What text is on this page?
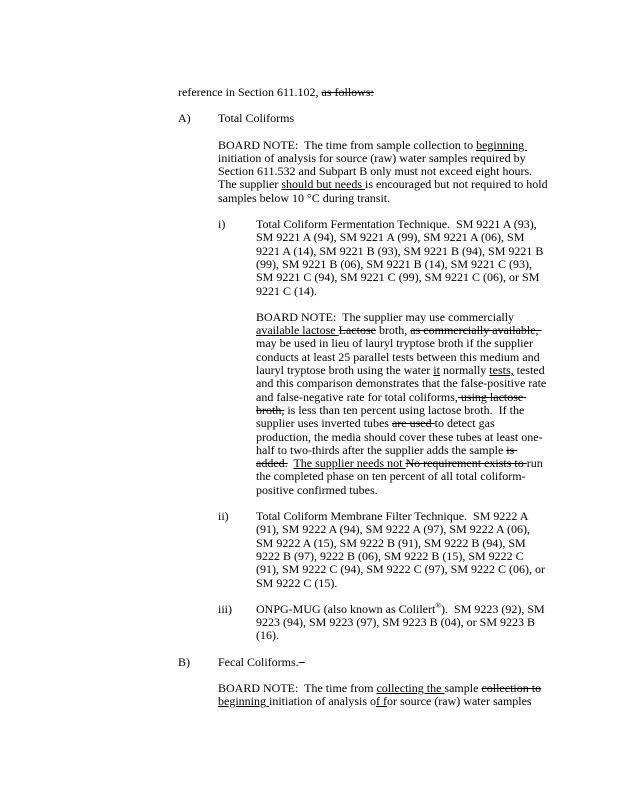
reference in Section 611.102, as follows:

A) Total Coliforms

BOARD NOTE:  The time from sample collection to beginning initiation of analysis for source (raw) water samples required by Section 611.532 and Subpart B only must not exceed eight hours.  The supplier should but needs is encouraged but not required to hold samples below 10 °C during transit.

i)	Total Coliform Fermentation Technique.  SM 9221 A (93), SM 9221 A (94), SM 9221 A (99), SM 9221 A (06), SM 9221 A (14), SM 9221 B (93), SM 9221 B (94), SM 9221 B (99), SM 9221 B (06), SM 9221 B (14), SM 9221 C (93), SM 9221 C (94), SM 9221 C (99), SM 9221 C (06), or SM 9221 C (14).

BOARD NOTE:  The supplier may use commercially available lactose Lactose broth, as commercially available, may be used in lieu of lauryl tryptose broth if the supplier conducts at least 25 parallel tests between this medium and lauryl tryptose broth using the water it normally tests, tested and this comparison demonstrates that the false-positive rate and false-negative rate for total coliforms, using lactose broth, is less than ten percent using lactose broth.  If the supplier uses inverted tubes are used to detect gas production, the media should cover these tubes at least one-half to two-thirds after the supplier adds the sample is added. The supplier needs not No requirement exists to run the completed phase on ten percent of all total coliform-positive confirmed tubes.

ii) Total Coliform Membrane Filter Technique.  SM 9222 A (91), SM 9222 A (94), SM 9222 A (97), SM 9222 A (06), SM 9222 A (15), SM 9222 B (91), SM 9222 B (94), SM 9222 B (97), 9222 B (06), SM 9222 B (15), SM 9222 C (91), SM 9222 C (94), SM 9222 C (97), SM 9222 C (06), or SM 9222 C (15).

iii) ONPG-MUG (also known as Colilert®).  SM 9223 (92), SM 9223 (94), SM 9223 (97), SM 9223 B (04), or SM 9223 B (16).

B) Fecal Coliforms.

BOARD NOTE:  The time from collecting the sample collection to beginning initiation of analysis of for source (raw) water samples
